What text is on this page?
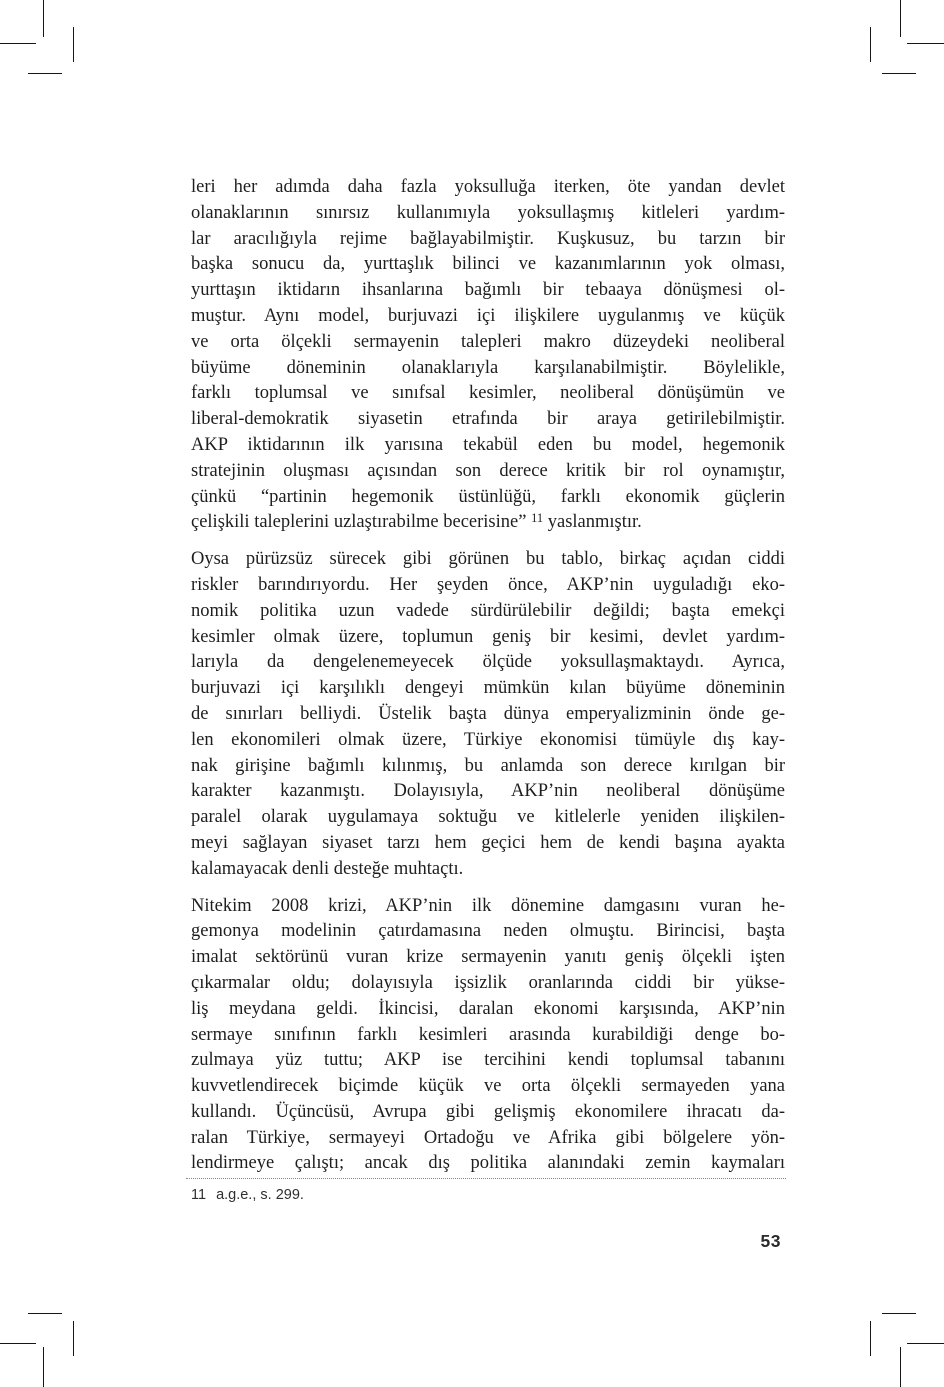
leri her adımda daha fazla yoksulluğa iterken, öte yandan devlet
olanaklarının sınırsız kullanımıyla yoksullaşmış kitleleri yardım-
lar aracılığıyla rejime bağlayabilmiştir. Kuşkusuz, bu tarzın bir
başka sonucu da, yurttaşlık bilinci ve kazanımlarının yok olması,
yurttaşın iktidarın ihsanlarına bağımlı bir tebaaya dönüşmesi ol-
muştur. Aynı model, burjuvazi içi ilişkilere uygulanmış ve küçük
ve orta ölçekli sermayenin talepleri makro düzeydeki neoliberal
büyüme döneminin olanaklarıyla karşılanabilmiştir. Böylelikle,
farklı toplumsal ve sınıfsal kesimler, neoliberal dönüşümün ve
liberal-demokratik siyasetin etrafında bir araya getirilebilmiştir.
AKP iktidarının ilk yarısına tekabül eden bu model, hegemonik
stratejinin oluşması açısından son derece kritik bir rol oynamıştır,
çünkü “partinin hegemonik üstünlüğü, farklı ekonomik güçlerin
çelişkili taleplerini uzlaştırabilme becerisine” $^{11}$ yaslanmıştır.
Oysa pürüzsüz sürecek gibi görünen bu tablo, birkaç açıdan ciddi
riskler barındırıyordu. Her şeyden önce, AKP’nin uyguladığı eko-
nomik politika uzun vadede sürdürülebilir değildi; başta emekçi
kesimler olmak üzere, toplumun geniş bir kesimi, devlet yardım-
larıyla da dengelenemeyecek ölçüde yoksullaşmaktaydı. Ayrıca,
burjuvazi içi karşılıklı dengeyi mümkün kılan büyüme döneminin
de sınırları belliydi. Üstelik başta dünya emperyalizminin önde ge-
len ekonomileri olmak üzere, Türkiye ekonomisi tümüyle dış kay-
nak girişine bağımlı kılınmış, bu anlamda son derece kırılgan bir
karakter kazanmıştı. Dolayısıyla, AKP’nin neoliberal dönüşüme
paralel olarak uygulamaya soktuğu ve kitlelerle yeniden ilişkilen-
meyi sağlayan siyaset tarzı hem geçici hem de kendi başına ayakta
kalamayacak denli desteğe muhtaçtı.
Nitekim 2008 krizi, AKP’nin ilk dönemine damgasını vuran he-
gemonya modelinin çatırdamasına neden olmuştu. Birincisi, başta
imalat sektörünü vuran krize sermayenin yanıtı geniş ölçekli işten
çıkarmalar oldu; dolayısıyla işsizlik oranlarında ciddi bir yükse-
liş meydana geldi. İkincisi, daralan ekonomi karşısında, AKP’nin
sermaye sınıfının farklı kesimleri arasında kurabildiği denge bo-
zulmaya yüz tuttu; AKP ise tercihini kendi toplumsal tabanını
kuvvetlendirecek biçimde küçük ve orta ölçekli sermayeden yana
kullandı. Üçüncüsü, Avrupa gibi gelişmiş ekonomilere ihracatı da-
ralan Türkiye, sermayeyi Ortadoğu ve Afrika gibi bölgelere yön-
lendirmeye çalıştı; ancak dış politika alanındaki zemin kaymaları
11 a.g.e., s. 299.
53
